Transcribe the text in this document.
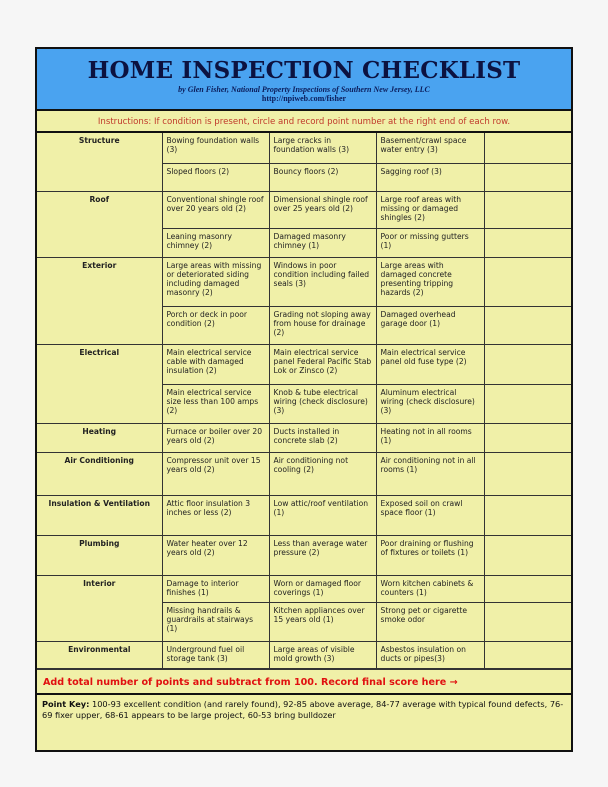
HOME INSPECTION CHECKLIST
by Glen Fisher, National Property Inspections of Southern New Jersey, LLC
http://npiweb.com/fisher
Instructions: If condition is present, circle and record point number at the right end of each row.
Structure	Bowing foundation walls (3)	Large cracks in foundation walls (3)	Basement/crawl space water entry (3)	
	Sloped floors (2)	Bouncy floors (2)	Sagging roof (3)	
Roof	Conventional shingle roof over 20 years old (2)	Dimensional shingle roof over 25 years old (2)	Large roof areas with missing or damaged shingles (2)	
	Leaning masonry chimney (2)	Damaged masonry chimney (1)	Poor or missing gutters (1)	
Exterior	Large areas with missing or deteriorated siding including damaged masonry (2)	Windows in poor condition including failed seals (3)	Large areas with damaged concrete presenting tripping hazards (2)	
	Porch or deck in poor condition (2)	Grading not sloping away from house for drainage (2)	Damaged overhead garage door (1)	
Electrical	Main electrical service cable with damaged insulation (2)	Main electrical service panel Federal Pacific Stab Lok or Zinsco (2)	Main electrical service panel old fuse type (2)	
	Main electrical service size less than 100 amps (2)	Knob & tube electrical wiring (check disclosure) (3)	Aluminum electrical wiring (check disclosure) (3)	
Heating	Furnace or boiler over 20 years old (2)	Ducts installed in concrete slab (2)	Heating not in all rooms (1)	
Air Conditioning	Compressor unit over 15 years old (2)	Air conditioning not cooling (2)	Air conditioning not in all rooms (1)	
Insulation & Ventilation	Attic floor insulation 3 inches or less (2)	Low attic/roof ventilation (1)	Exposed soil on crawl space floor (1)	
Plumbing	Water heater over 12 years old (2)	Less than average water pressure (2)	Poor draining or flushing of fixtures or toilets (1)	
Interior	Damage to interior finishes (1)	Worn or damaged floor coverings (1)	Worn kitchen cabinets & counters (1)	
	Missing handrails & guardrails at stairways (1)	Kitchen appliances over 15 years old (1)	Strong pet or cigarette smoke odor	
Environmental	Underground fuel oil storage tank (3)	Large areas of visible mold growth (3)	Asbestos insulation on ducts or pipes(3)	
Add total number of points and subtract from 100. Record final score here →
Point Key: 100-93 excellent condition (and rarely found), 92-85 above average, 84-77 average with typical found defects, 76-69 fixer upper, 68-61 appears to be large project, 60-53 bring bulldozer
